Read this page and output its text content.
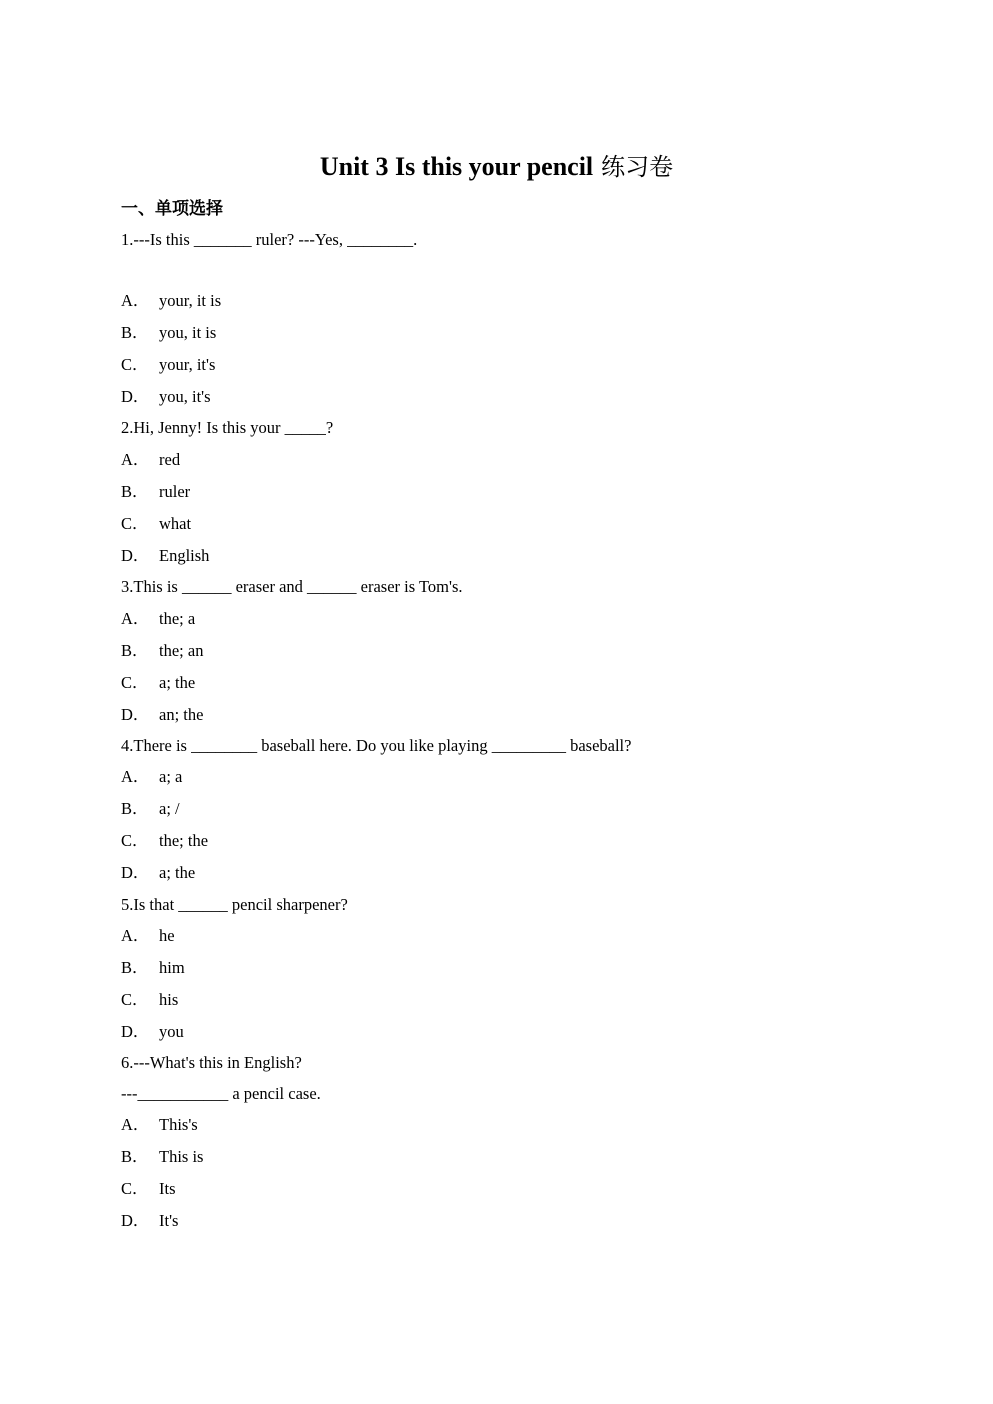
Unit 3 Is this your pencil 练习卷
一、单项选择
1.---Is this _______ ruler? ---Yes, ________.
A． your, it is
B． you, it is
C． your, it's
D． you, it's
2.Hi, Jenny! Is this your _____?
A． red
B． ruler
C． what
D． English
3.This is ______ eraser and ______ eraser is Tom's.
A． the; a
B． the; an
C． a; the
D． an; the
4.There is ________ baseball here. Do you like playing _________ baseball?
A． a; a
B． a; /
C． the; the
D． a; the
5.Is that ______ pencil sharpener?
A． he
B． him
C． his
D． you
6.---What's this in English?
---___________ a pencil case.
A． This's
B． This is
C． Its
D． It's
